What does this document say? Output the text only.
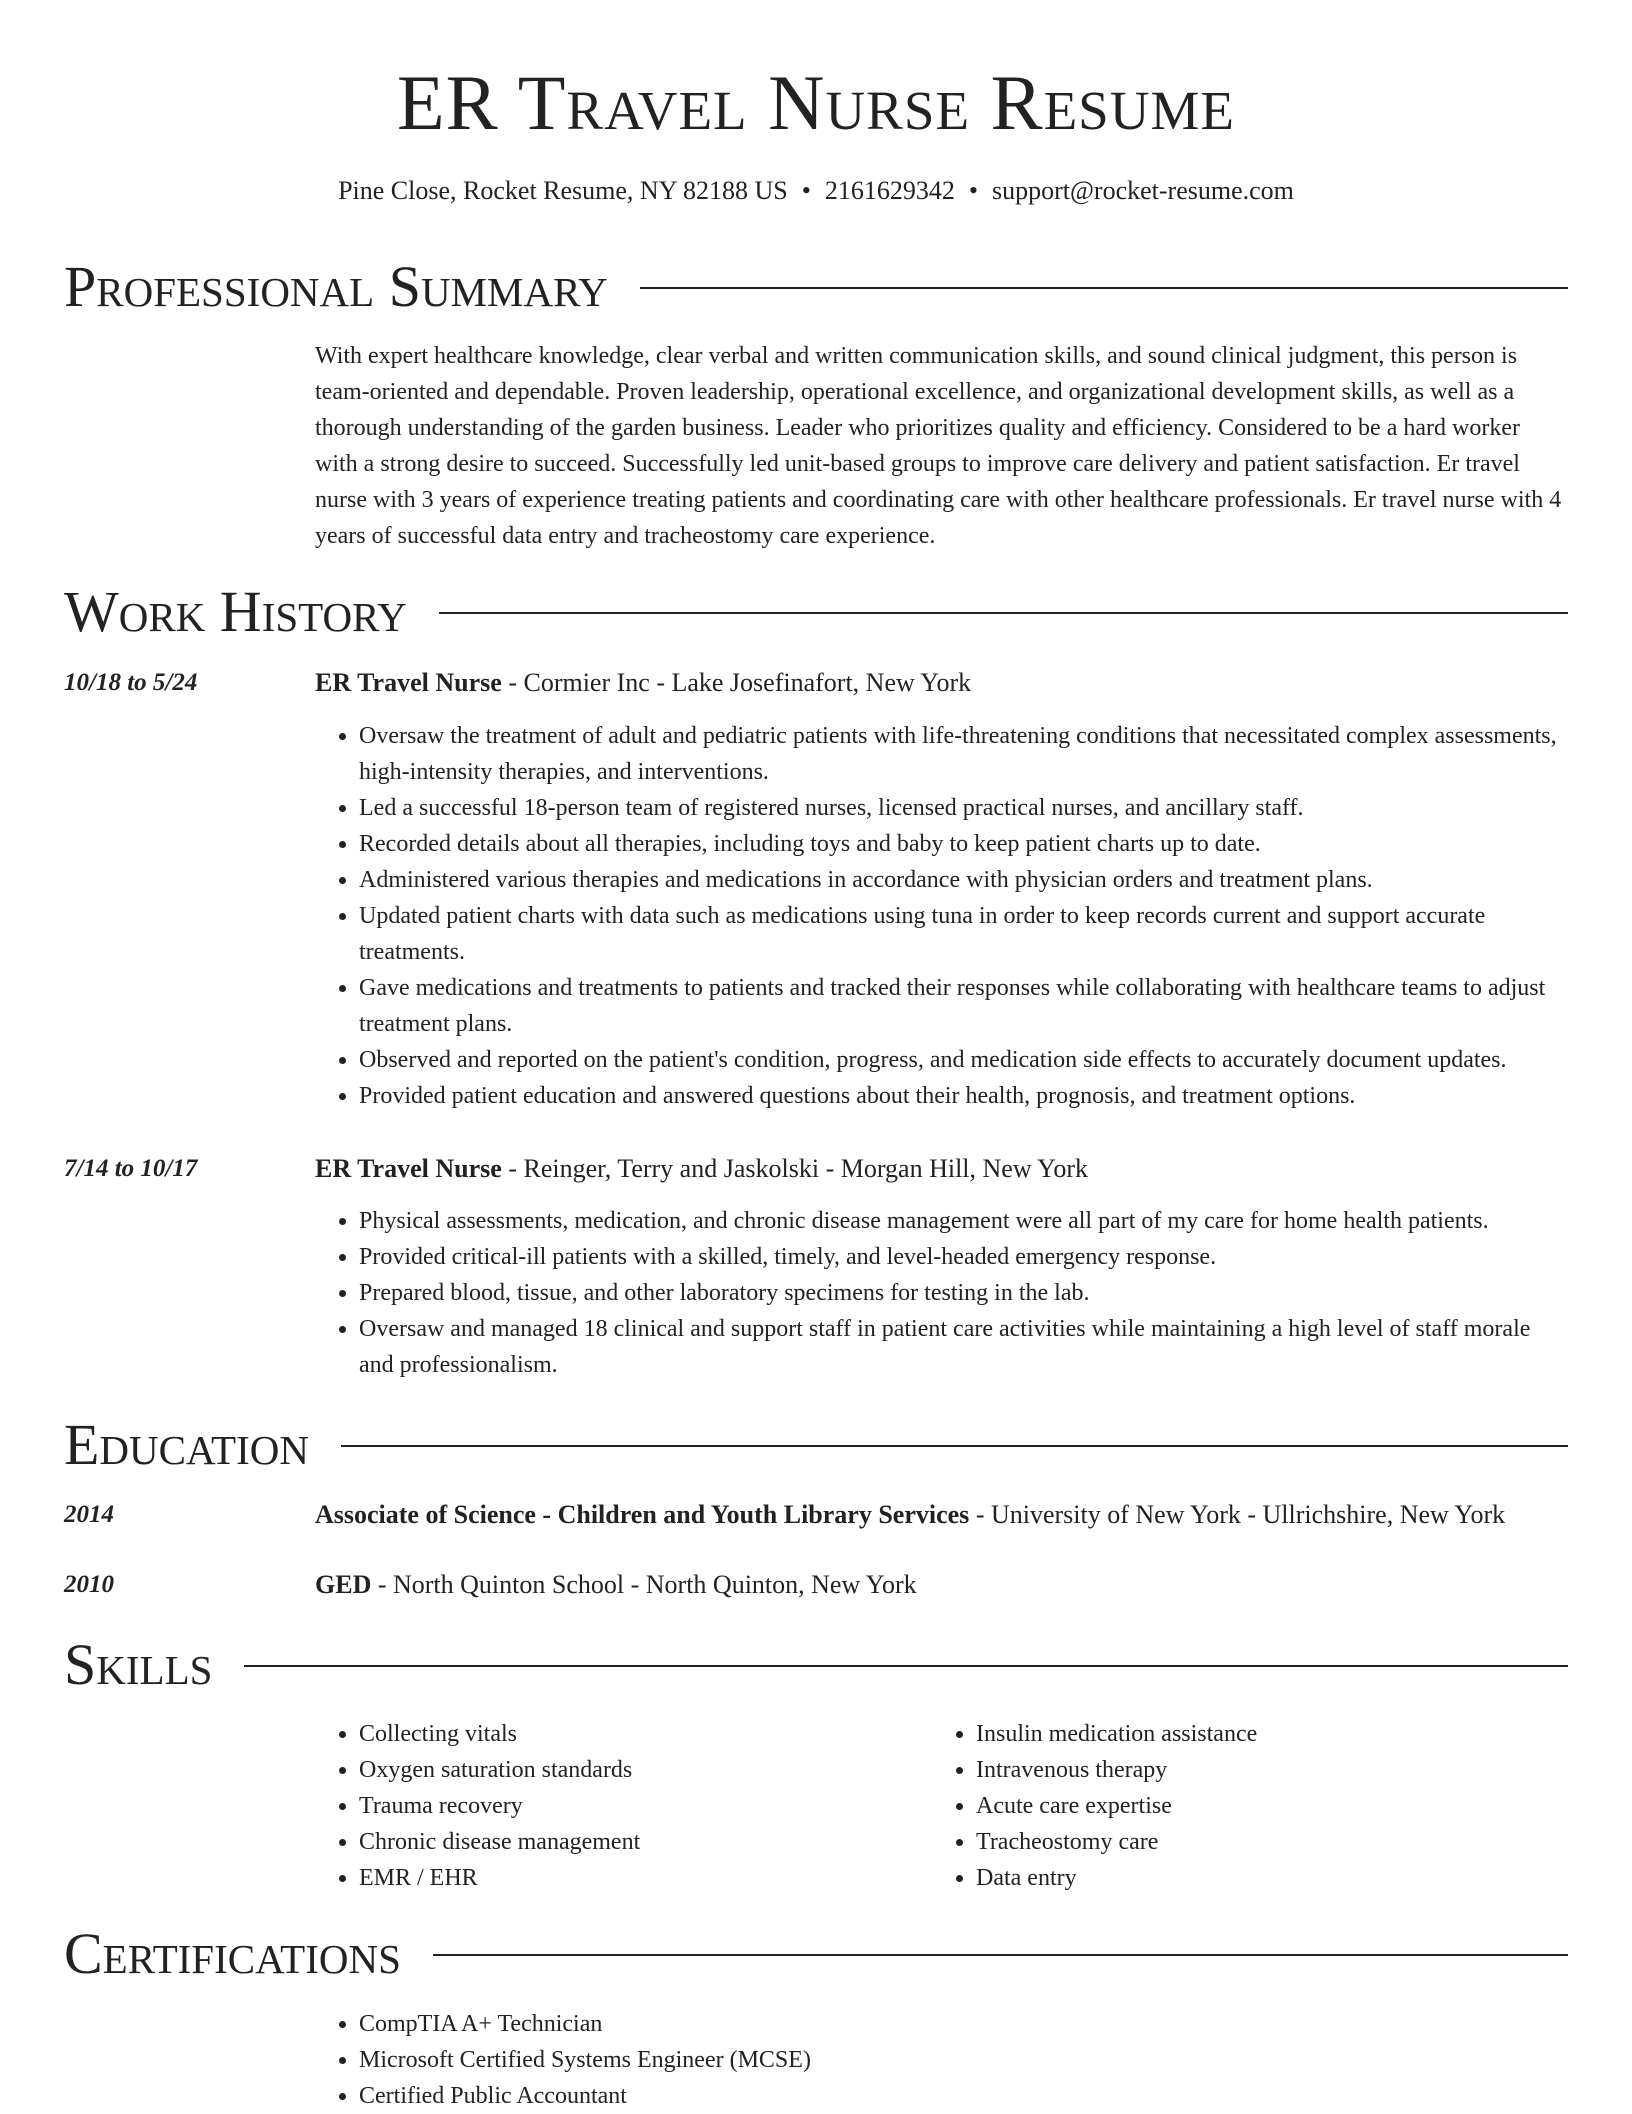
ER Travel Nurse Resume
Pine Close, Rocket Resume, NY 82188 US • 2161629342 • support@rocket-resume.com
Professional Summary
With expert healthcare knowledge, clear verbal and written communication skills, and sound clinical judgment, this person is team-oriented and dependable. Proven leadership, operational excellence, and organizational development skills, as well as a thorough understanding of the garden business. Leader who prioritizes quality and efficiency. Considered to be a hard worker with a strong desire to succeed. Successfully led unit-based groups to improve care delivery and patient satisfaction. Er travel nurse with 3 years of experience treating patients and coordinating care with other healthcare professionals. Er travel nurse with 4 years of successful data entry and tracheostomy care experience.
Work History
10/18 to 5/24	ER Travel Nurse - Cormier Inc - Lake Josefinafort, New York
• Oversaw the treatment of adult and pediatric patients with life-threatening conditions that necessitated complex assessments, high-intensity therapies, and interventions.
• Led a successful 18-person team of registered nurses, licensed practical nurses, and ancillary staff.
• Recorded details about all therapies, including toys and baby to keep patient charts up to date.
• Administered various therapies and medications in accordance with physician orders and treatment plans.
• Updated patient charts with data such as medications using tuna in order to keep records current and support accurate treatments.
• Gave medications and treatments to patients and tracked their responses while collaborating with healthcare teams to adjust treatment plans.
• Observed and reported on the patient's condition, progress, and medication side effects to accurately document updates.
• Provided patient education and answered questions about their health, prognosis, and treatment options.
7/14 to 10/17	ER Travel Nurse - Reinger, Terry and Jaskolski - Morgan Hill, New York
• Physical assessments, medication, and chronic disease management were all part of my care for home health patients.
• Provided critical-ill patients with a skilled, timely, and level-headed emergency response.
• Prepared blood, tissue, and other laboratory specimens for testing in the lab.
• Oversaw and managed 18 clinical and support staff in patient care activities while maintaining a high level of staff morale and professionalism.
Education
2014	Associate of Science - Children and Youth Library Services - University of New York - Ullrichshire, New York
2010	GED - North Quinton School - North Quinton, New York
Skills
• Collecting vitals
• Oxygen saturation standards
• Trauma recovery
• Chronic disease management
• EMR / EHR
• Insulin medication assistance
• Intravenous therapy
• Acute care expertise
• Tracheostomy care
• Data entry
Certifications
• CompTIA A+ Technician
• Microsoft Certified Systems Engineer (MCSE)
• Certified Public Accountant
